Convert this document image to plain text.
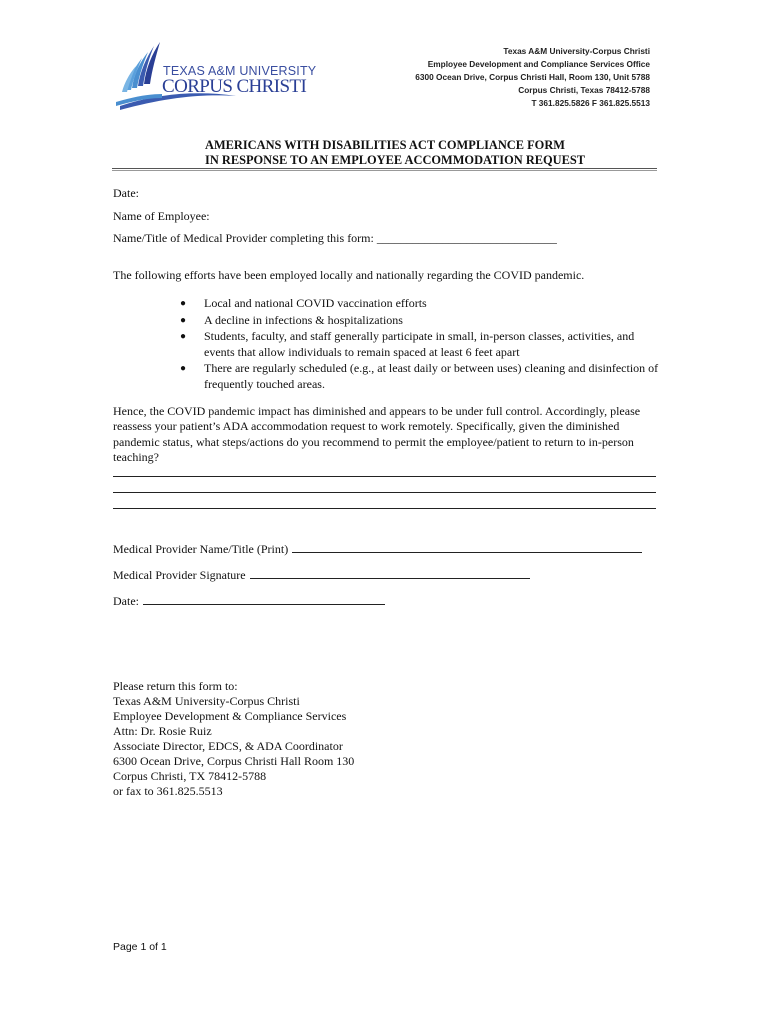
TEXAS A&M UNIVERSITY
CORPUS CHRISTI
Texas A&M University-Corpus Christi
Employee Development and Compliance Services Office
6300 Ocean Drive, Corpus Christi Hall, Room 130, Unit 5788
Corpus Christi, Texas 78412-5788
T 361.825.5826 F 361.825.5513
AMERICANS WITH DISABILITIES ACT COMPLIANCE FORM
IN RESPONSE TO AN EMPLOYEE ACCOMMODATION REQUEST
Date:
Name of Employee:
Name/Title of Medical Provider completing this form: ______________________________
The following efforts have been employed locally and nationally regarding the COVID pandemic.
● Local and national COVID vaccination efforts
● A decline in infections & hospitalizations
● Students, faculty, and staff generally participate in small, in-person classes, activities, and events that allow individuals to remain spaced at least 6 feet apart
● There are regularly scheduled (e.g., at least daily or between uses) cleaning and disinfection of frequently touched areas.
Hence, the COVID pandemic impact has diminished and appears to be under full control. Accordingly, please reassess your patient’s ADA accommodation request to work remotely. Specifically, given the diminished pandemic status, what steps/actions do you recommend to permit the employee/patient to return to in-person teaching?
Medical Provider Name/Title (Print)
Medical Provider Signature
Date:
Please return this form to:
Texas A&M University-Corpus Christi
Employee Development & Compliance Services
Attn: Dr. Rosie Ruiz
Associate Director, EDCS, & ADA Coordinator
6300 Ocean Drive, Corpus Christi Hall Room 130
Corpus Christi, TX 78412-5788
or fax to 361.825.5513
Page 1 of 1
